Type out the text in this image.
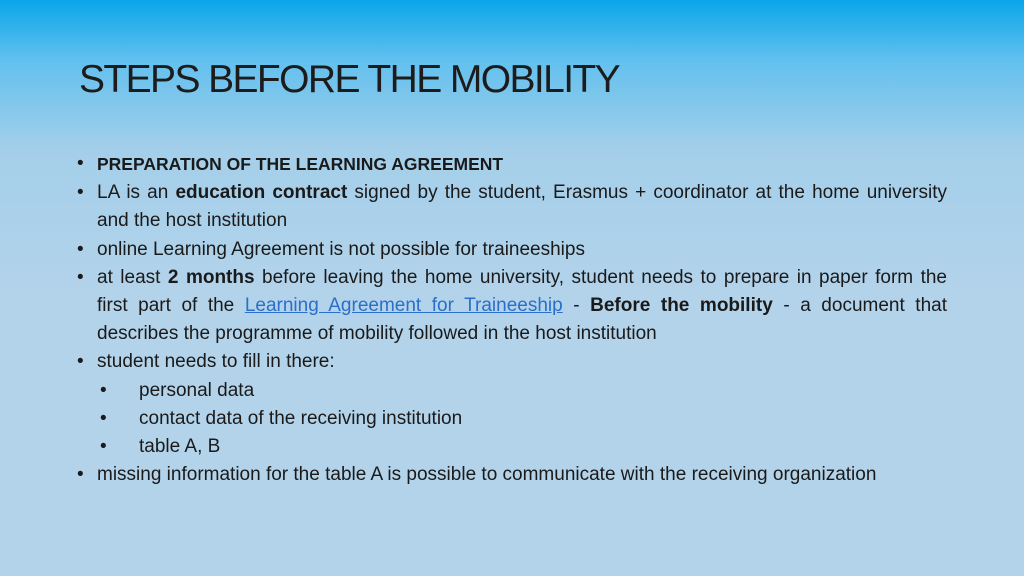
STEPS BEFORE THE MOBILITY
• PREPARATION OF THE LEARNING AGREEMENT
• LA is an education contract signed by the student, Erasmus + coordinator at the home university and the host institution
• online Learning Agreement is not possible for traineeships
• at least 2 months before leaving the home university, student needs to prepare in paper form the first part of the Learning Agreement for Traineeship - Before the mobility - a document that describes the programme of mobility followed in the host institution
• student needs to fill in there:
• personal data
• contact data of the receiving institution
• table A, B
• missing information for the table A is possible to communicate with the receiving organization
